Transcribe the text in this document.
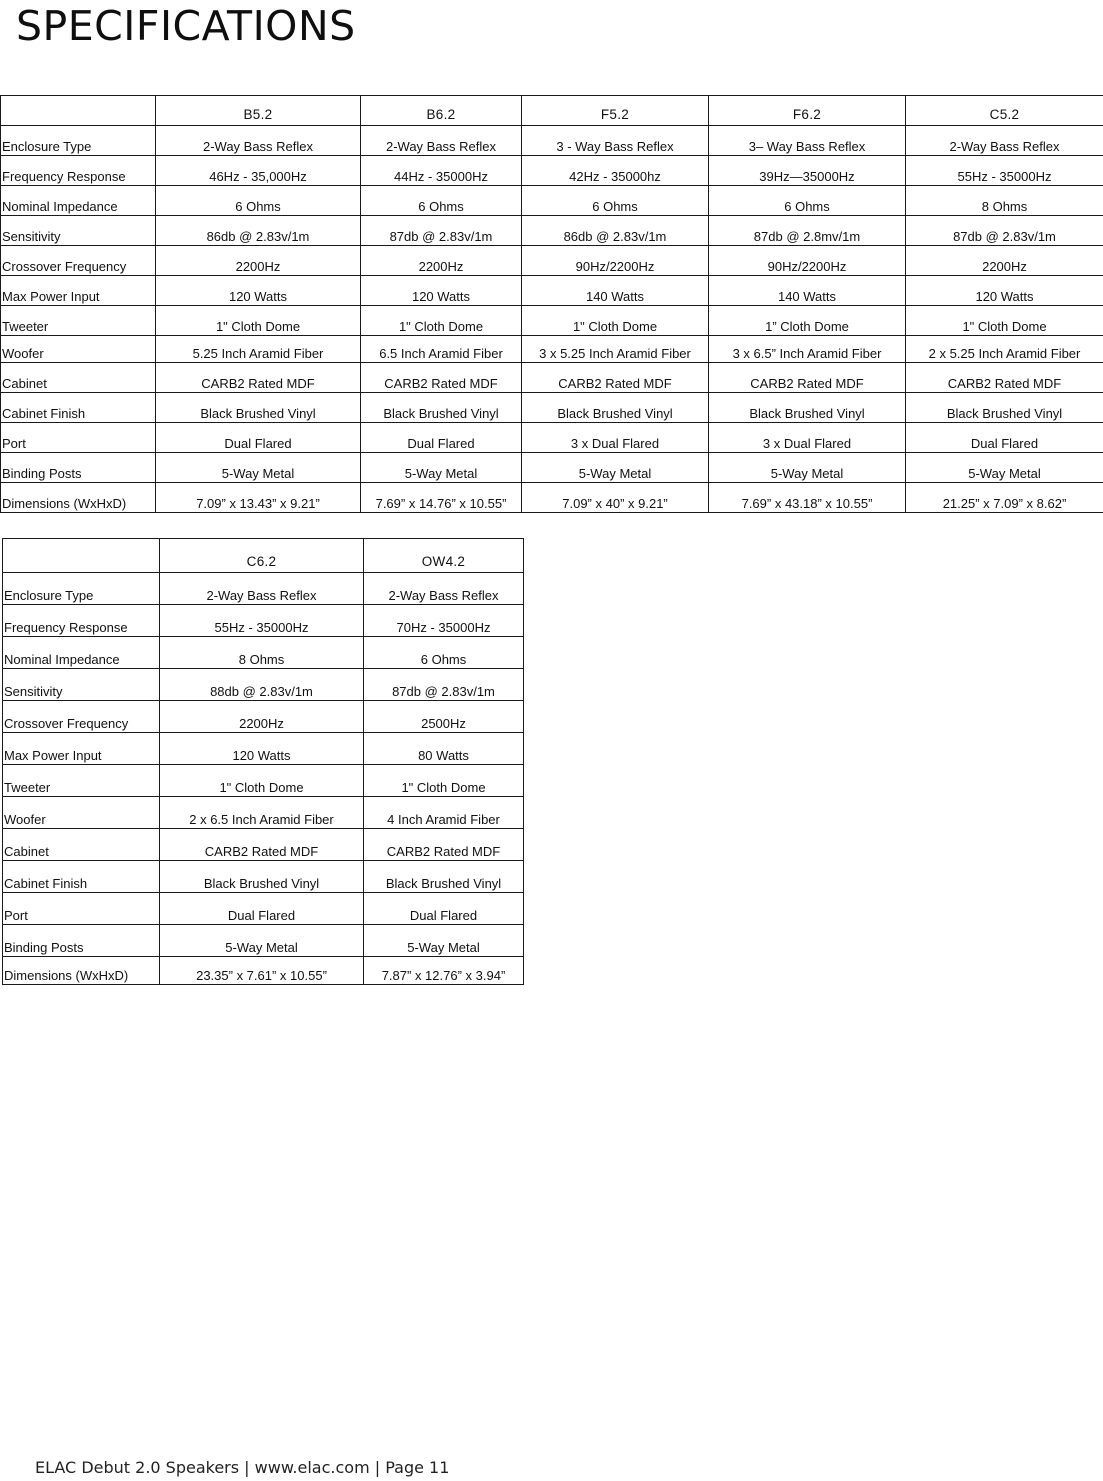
SPECIFICATIONS
	B5.2	B6.2	F5.2	F6.2	C5.2
Enclosure Type	2-Way Bass Reflex	2-Way Bass Reflex	3 - Way Bass Reflex	3– Way Bass Reflex	2-Way Bass Reflex
Frequency Response	46Hz - 35,000Hz	44Hz - 35000Hz	42Hz - 35000hz	39Hz—35000Hz	55Hz - 35000Hz
Nominal Impedance	6 Ohms	6 Ohms	6 Ohms	6 Ohms	8 Ohms
Sensitivity	86db @ 2.83v/1m	87db @ 2.83v/1m	86db @ 2.83v/1m	87db @ 2.8mv/1m	87db @ 2.83v/1m
Crossover Frequency	2200Hz	2200Hz	90Hz/2200Hz	90Hz/2200Hz	2200Hz
Max Power Input	120 Watts	120 Watts	140 Watts	140 Watts	120 Watts
Tweeter	1" Cloth Dome	1" Cloth Dome	1" Cloth Dome	1” Cloth Dome	1" Cloth Dome
Woofer	5.25 Inch Aramid Fiber	6.5 Inch Aramid Fiber	3 x 5.25 Inch Aramid Fiber	3 x 6.5” Inch Aramid Fiber	2 x 5.25 Inch Aramid Fiber
Cabinet	CARB2 Rated MDF	CARB2 Rated MDF	CARB2 Rated MDF	CARB2 Rated MDF	CARB2 Rated MDF
Cabinet Finish	Black Brushed Vinyl	Black Brushed Vinyl	Black Brushed Vinyl	Black Brushed Vinyl	Black Brushed Vinyl
Port	Dual Flared	Dual Flared	3 x Dual Flared	3 x Dual Flared	Dual Flared
Binding Posts	5-Way Metal	5-Way Metal	5-Way Metal	5-Way Metal	5-Way Metal
Dimensions (WxHxD)	7.09” x 13.43” x 9.21”	7.69” x 14.76” x 10.55”	7.09” x 40” x 9.21”	7.69” x 43.18” x 10.55”	21.25” x 7.09” x 8.62”
	C6.2	OW4.2
Enclosure Type	2-Way Bass Reflex	2-Way Bass Reflex
Frequency Response	55Hz - 35000Hz	70Hz - 35000Hz
Nominal Impedance	8 Ohms	6 Ohms
Sensitivity	88db @ 2.83v/1m	87db @ 2.83v/1m
Crossover Frequency	2200Hz	2500Hz
Max Power Input	120 Watts	80 Watts
Tweeter	1" Cloth Dome	1" Cloth Dome
Woofer	2 x 6.5 Inch Aramid Fiber	4 Inch Aramid Fiber
Cabinet	CARB2 Rated MDF	CARB2 Rated MDF
Cabinet Finish	Black Brushed Vinyl	Black Brushed Vinyl
Port	Dual Flared	Dual Flared
Binding Posts	5-Way Metal	5-Way Metal
Dimensions (WxHxD)	23.35” x 7.61” x 10.55”	7.87” x 12.76” x 3.94”
ELAC Debut 2.0 Speakers | www.elac.com | Page 11
